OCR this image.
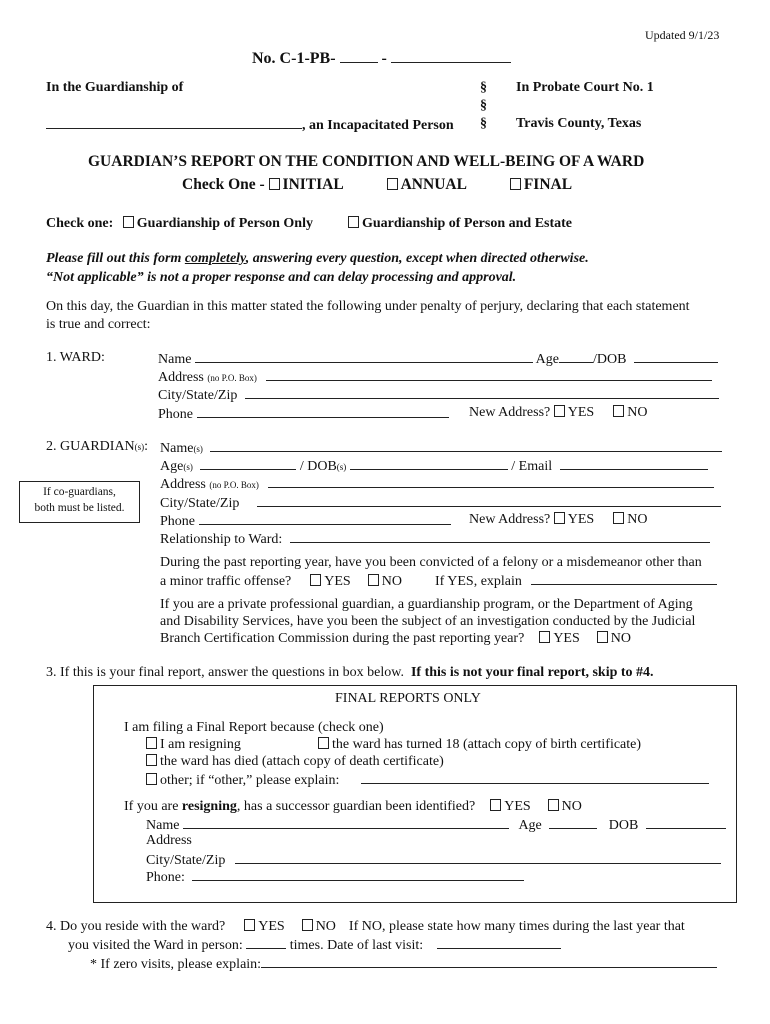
Updated 9/1/23
No. C-1-PB-	-
In the Guardianship of
, an Incapacitated Person
§
§
§
In Probate Court No. 1
Travis County, Texas
GUARDIAN’S REPORT ON THE CONDITION AND WELL-BEING OF A WARD
Check One - INITIAL	ANNUAL	FINAL
Check one: Guardianship of Person Only	Guardianship of Person and Estate
Please fill out this form completely, answering every question, except when directed otherwise.
“Not applicable” is not a proper response and can delay processing and approval.
On this day, the Guardian in this matter stated the following under penalty of perjury, declaring that each statement
is true and correct:
1. WARD:	Name	Age /DOB
Address (no P.O. Box)
City/State/Zip
Phone	New Address? YES NO
2. GUARDIAN(s): Name(s)
Age(s)	/ DOB(s)	/ Email
Address (no P.O. Box)
City/State/Zip
Phone	New Address? YES NO
Relationship to Ward:
If co-guardians,
both must be listed.
During the past reporting year, have you been convicted of a felony or a misdemeanor other than
a minor traffic offense? YES NO If YES, explain
If you are a private professional guardian, a guardianship program, or the Department of Aging
and Disability Services, have you been the subject of an investigation conducted by the Judicial
Branch Certification Commission during the past reporting year? YES NO
3. If this is your final report, answer the questions in box below. If this is not your final report, skip to #4.
FINAL REPORTS ONLY
I am filing a Final Report because (check one)
I am resigning	the ward has turned 18 (attach copy of birth certificate)
the ward has died (attach copy of death certificate)
other; if “other,” please explain:
If you are resigning, has a successor guardian been identified? YES NO
Name	Age	DOB
Address
City/State/Zip
Phone:
4. Do you reside with the ward? YES NO If NO, please state how many times during the last year that
you visited the Ward in person:	times. Date of last visit:
* If zero visits, please explain:
